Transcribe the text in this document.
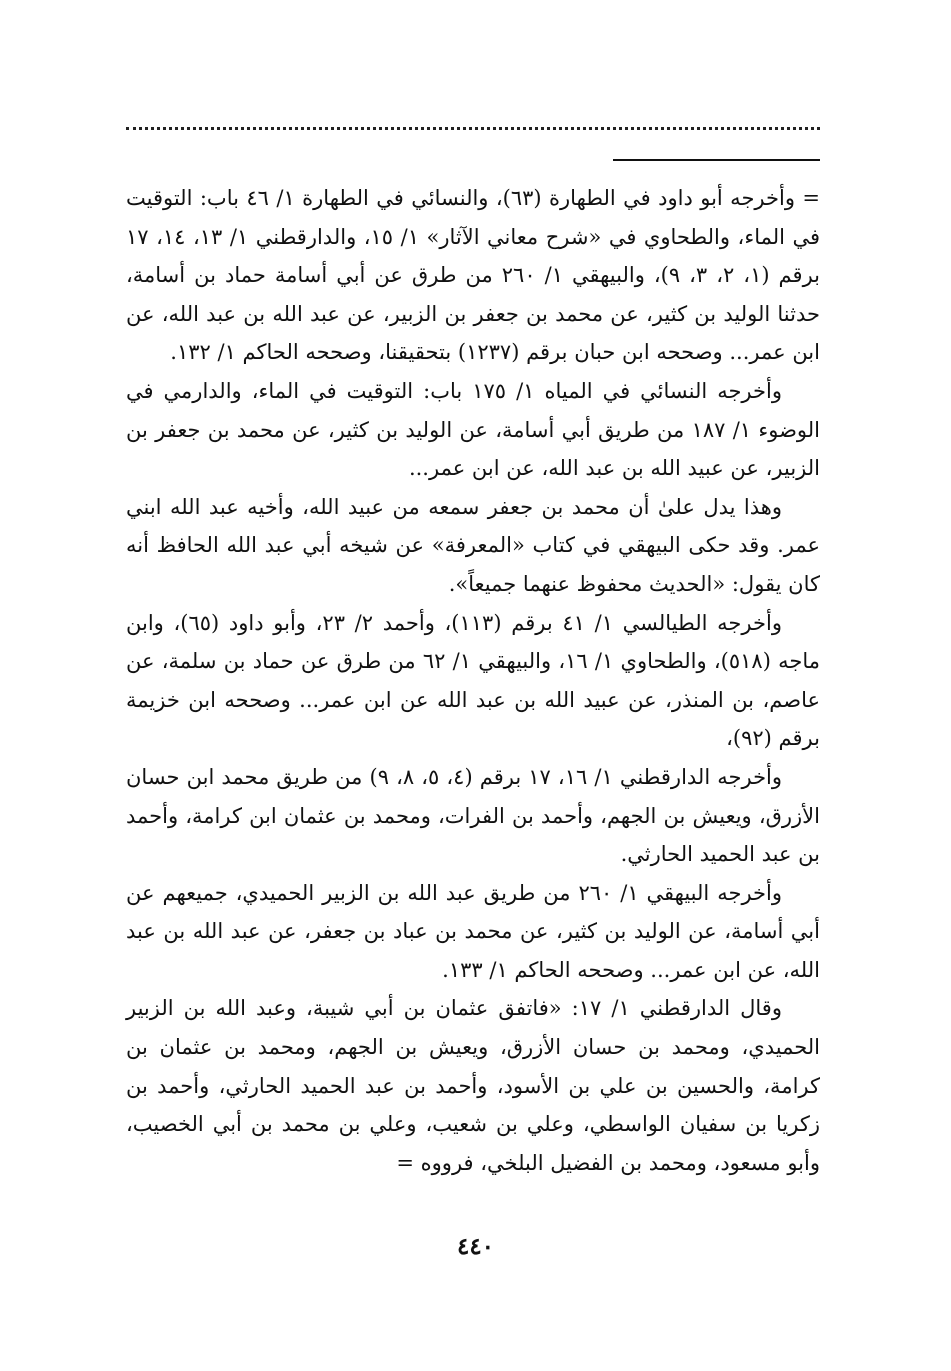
= وأخرجه أبو داود في الطهارة (٦٣)، والنسائي في الطهارة ١/ ٤٦ باب: التوقيت في الماء، والطحاوي في «شرح معاني الآثار» ١/ ١٥، والدارقطني ١/ ١٣، ١٤، ١٧ برقم (١، ٢، ٣، ٩)، والبيهقي ١/ ٢٦٠ من طرق عن أبي أسامة حماد بن أسامة، حدثنا الوليد بن كثير، عن محمد بن جعفر بن الزبير، عن عبد الله بن عبد الله، عن ابن عمر... وصححه ابن حبان برقم (١٢٣٧) بتحقيقنا، وصححه الحاكم ١/ ١٣٢.

وأخرجه النسائي في المياه ١/ ١٧٥ باب: التوقيت في الماء، والدارمي في الوضوء ١/ ١٨٧ من طريق أبي أسامة، عن الوليد بن كثير، عن محمد بن جعفر بن الزبير، عن عبيد الله بن عبد الله، عن ابن عمر...

وهذا يدل علىٰ أن محمد بن جعفر سمعه من عبيد الله، وأخيه عبد الله ابني عمر. وقد حكى البيهقي في كتاب «المعرفة» عن شيخه أبي عبد الله الحافظ أنه كان يقول: «الحديث محفوظ عنهما جميعاً».

وأخرجه الطيالسي ١/ ٤١ برقم (١١٣)، وأحمد ٢/ ٢٣، وأبو داود (٦٥)، وابن ماجه (٥١٨)، والطحاوي ١/ ١٦، والبيهقي ١/ ٦٢ من طرق عن حماد بن سلمة، عن عاصم، بن المنذر، عن عبيد الله بن عبد الله عن ابن عمر... وصححه ابن خزيمة برقم (٩٢)،

وأخرجه الدارقطني ١/ ١٦، ١٧ برقم (٤، ٥، ٨، ٩) من طريق محمد ابن حسان الأزرق، ويعيش بن الجهم، وأحمد بن الفرات، ومحمد بن عثمان ابن كرامة، وأحمد بن عبد الحميد الحارثي.

وأخرجه البيهقي ١/ ٢٦٠ من طريق عبد الله بن الزبير الحميدي، جميعهم عن أبي أسامة، عن الوليد بن كثير، عن محمد بن عباد بن جعفر، عن عبد الله بن عبد الله، عن ابن عمر... وصححه الحاكم ١/ ١٣٣.

وقال الدارقطني ١/ ١٧: «فاتفق عثمان بن أبي شيبة، وعبد الله بن الزبير الحميدي، ومحمد بن حسان الأزرق، ويعيش بن الجهم، ومحمد بن عثمان بن كرامة، والحسين بن علي بن الأسود، وأحمد بن عبد الحميد الحارثي، وأحمد بن زكريا بن سفيان الواسطي، وعلي بن شعيب، وعلي بن محمد بن أبي الخصيب، وأبو مسعود، ومحمد بن الفضيل البلخي، فرووه =

٤٤٠
